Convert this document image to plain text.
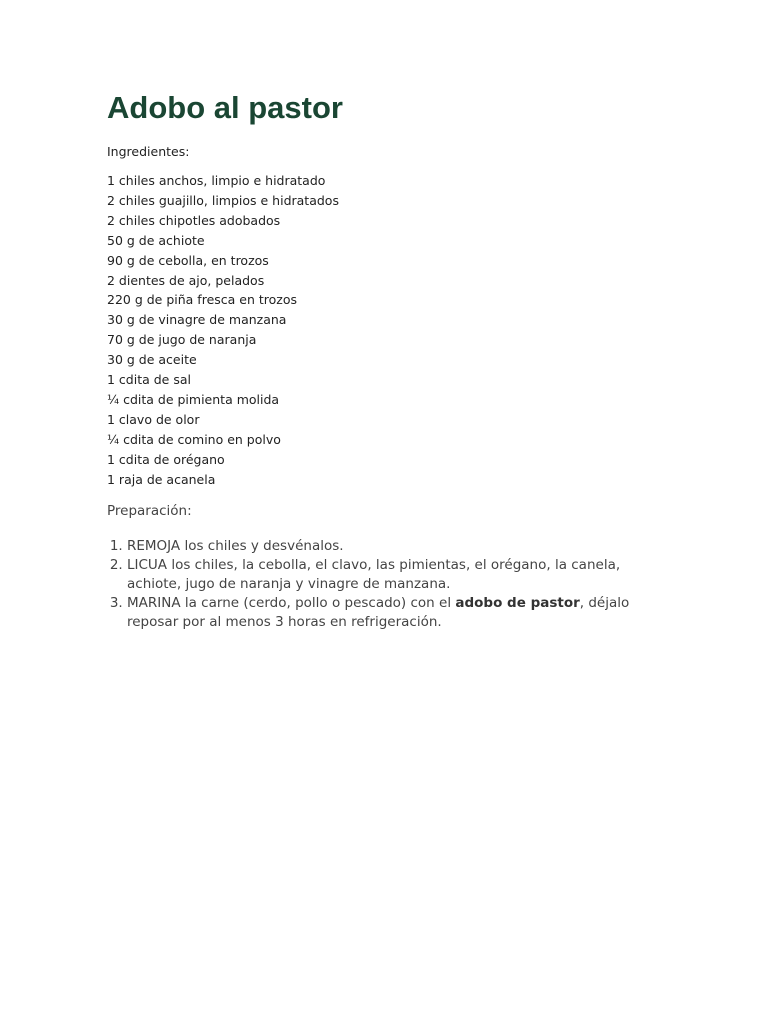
Adobo al pastor

Ingredientes:

1 chiles anchos, limpio e hidratado
2 chiles guajillo, limpios e hidratados
2 chiles chipotles adobados
50 g de achiote
90 g de cebolla, en trozos
2 dientes de ajo, pelados
220 g de piña fresca en trozos
30 g de vinagre de manzana
70 g de jugo de naranja
30 g de aceite
1 cdita de sal
¼ cdita de pimienta molida
1 clavo de olor
¼ cdita de comino en polvo
1 cdita de orégano
1 raja de acanela

Preparación:

1. REMOJA los chiles y desvénalos.
2. LICUA los chiles, la cebolla, el clavo, las pimientas, el orégano, la canela, achiote, jugo de naranja y vinagre de manzana.
3. MARINA la carne (cerdo, pollo o pescado) con el adobo de pastor, déjalo reposar por al menos 3 horas en refrigeración.
